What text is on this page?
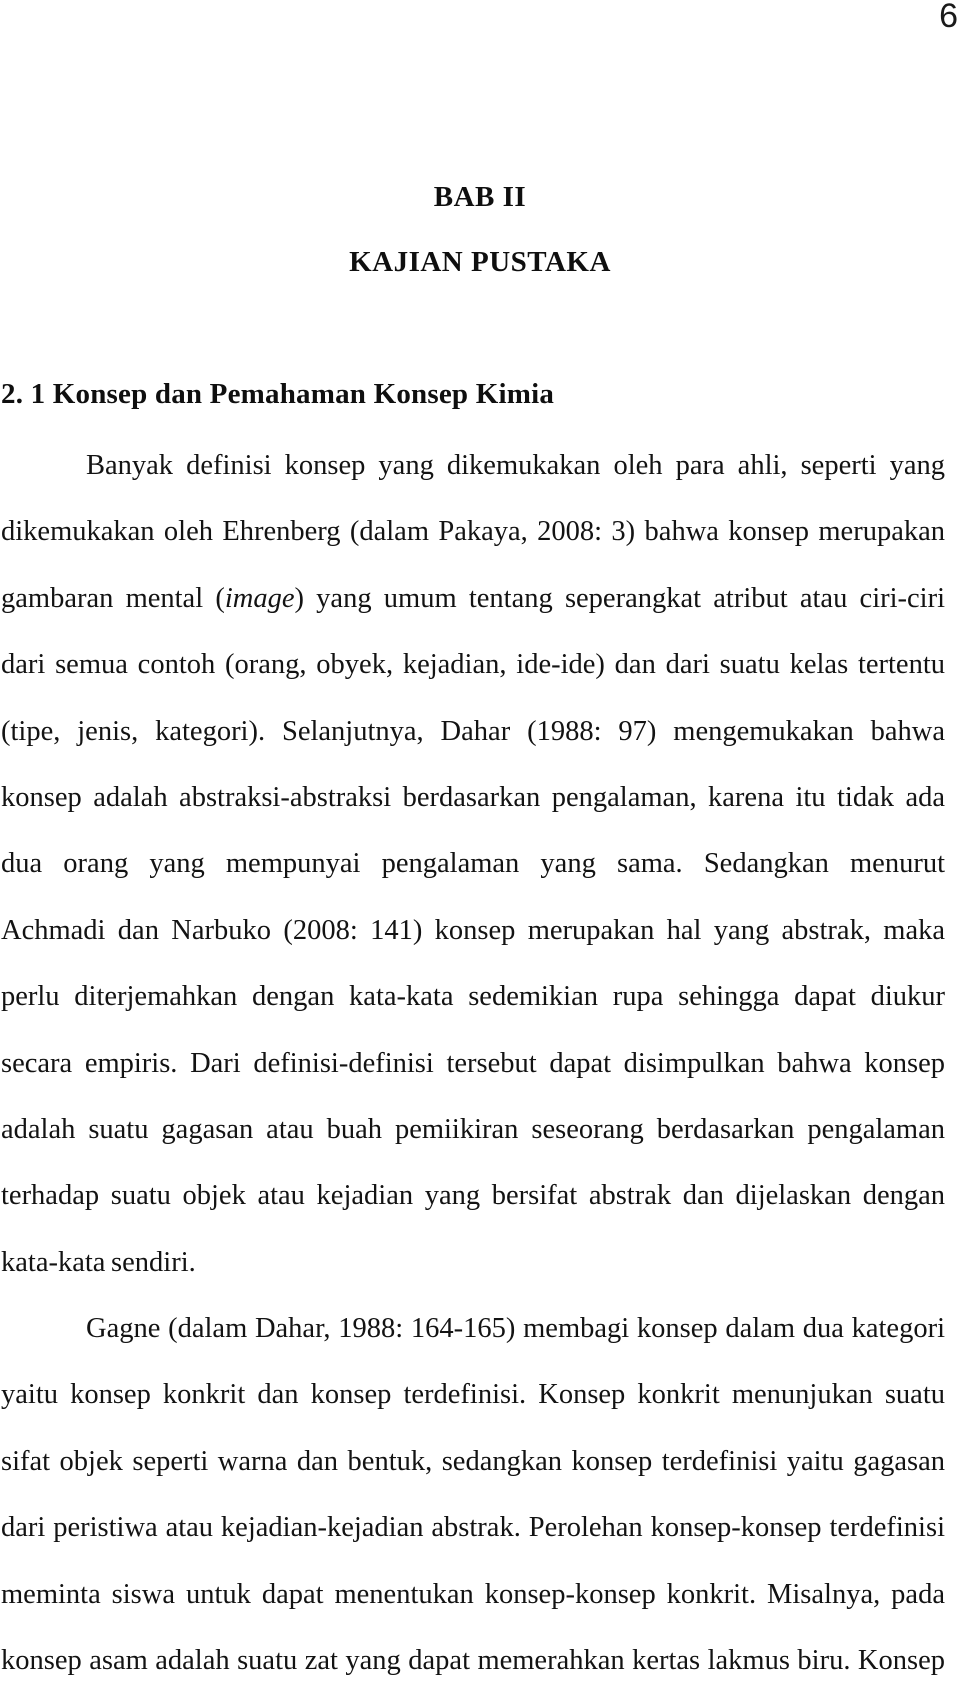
6
BAB II
KAJIAN PUSTAKA
2. 1 Konsep dan Pemahaman Konsep Kimia
Banyak definisi konsep yang dikemukakan oleh para ahli, seperti yang
dikemukakan oleh Ehrenberg (dalam Pakaya, 2008: 3) bahwa konsep merupakan
gambaran mental (image) yang umum tentang seperangkat atribut atau ciri-ciri
dari semua contoh (orang, obyek, kejadian, ide-ide) dan dari suatu kelas tertentu
(tipe, jenis, kategori). Selanjutnya, Dahar (1988: 97) mengemukakan bahwa
konsep adalah abstraksi-abstraksi berdasarkan pengalaman, karena itu tidak ada
dua orang yang mempunyai pengalaman yang sama. Sedangkan menurut
Achmadi dan Narbuko (2008: 141) konsep merupakan hal yang abstrak, maka
perlu diterjemahkan dengan kata-kata sedemikian rupa sehingga dapat diukur
secara empiris. Dari definisi-definisi tersebut dapat disimpulkan bahwa konsep
adalah suatu gagasan atau buah pemiikiran seseorang berdasarkan pengalaman
terhadap suatu objek atau kejadian yang bersifat abstrak dan dijelaskan dengan
kata-kata sendiri.
Gagne (dalam Dahar, 1988: 164-165) membagi konsep dalam dua kategori
yaitu konsep konkrit dan konsep terdefinisi. Konsep konkrit menunjukan suatu
sifat objek seperti warna dan bentuk, sedangkan konsep terdefinisi yaitu gagasan
dari peristiwa atau kejadian-kejadian abstrak. Perolehan konsep-konsep terdefinisi
meminta siswa untuk dapat menentukan konsep-konsep konkrit. Misalnya, pada
konsep asam adalah suatu zat yang dapat memerahkan kertas lakmus biru. Konsep
